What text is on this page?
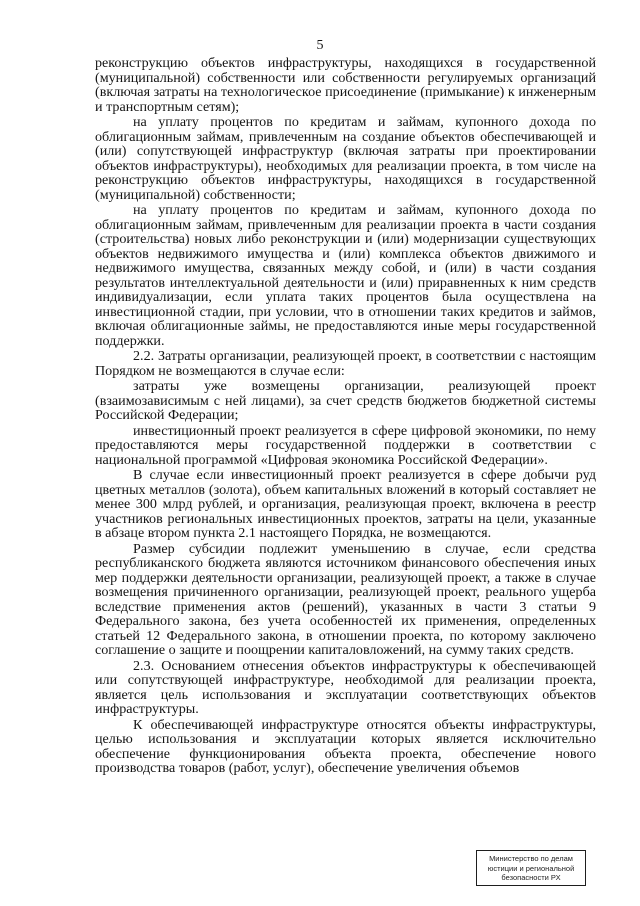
5

реконструкцию объектов инфраструктуры, находящихся в государственной (муниципальной) собственности или собственности регулируемых организаций (включая затраты на технологическое присоединение (примыкание) к инженерным и транспортным сетям);

на уплату процентов по кредитам и займам, купонного дохода по облигационным займам, привлеченным на создание объектов обеспечивающей и (или) сопутствующей инфраструктур (включая затраты при проектировании объектов инфраструктуры), необходимых для реализации проекта, в том числе на реконструкцию объектов инфраструктуры, находящихся в государственной (муниципальной) собственности;

на уплату процентов по кредитам и займам, купонного дохода по облигационным займам, привлеченным для реализации проекта в части создания (строительства) новых либо реконструкции и (или) модернизации существующих объектов недвижимого имущества и (или) комплекса объектов движимого и недвижимого имущества, связанных между собой, и (или) в части создания результатов интеллектуальной деятельности и (или) приравненных к ним средств индивидуализации, если уплата таких процентов была осуществлена на инвестиционной стадии, при условии, что в отношении таких кредитов и займов, включая облигационные займы, не предоставляются иные меры государственной поддержки.

2.2. Затраты организации, реализующей проект, в соответствии с настоящим Порядком не возмещаются в случае если:

затраты уже возмещены организации, реализующей проект (взаимозависимым с ней лицами), за счет средств бюджетов бюджетной системы Российской Федерации;

инвестиционный проект реализуется в сфере цифровой экономики, по нему предоставляются меры государственной поддержки в соответствии с национальной программой «Цифровая экономика Российской Федерации».

В случае если инвестиционный проект реализуется в сфере добычи руд цветных металлов (золота), объем капитальных вложений в который составляет не менее 300 млрд рублей, и организация, реализующая проект, включена в реестр участников региональных инвестиционных проектов, затраты на цели, указанные в абзаце втором пункта 2.1 настоящего Порядка, не возмещаются.

Размер субсидии подлежит уменьшению в случае, если средства республиканского бюджета являются источником финансового обеспечения иных мер поддержки деятельности организации, реализующей проект, а также в случае возмещения причиненного организации, реализующей проект, реального ущерба вследствие применения актов (решений), указанных в части 3 статьи 9 Федерального закона, без учета особенностей их применения, определенных статьей 12 Федерального закона, в отношении проекта, по которому заключено соглашение о защите и поощрении капиталовложений, на сумму таких средств.

2.3. Основанием отнесения объектов инфраструктуры к обеспечивающей или сопутствующей инфраструктуре, необходимой для реализации проекта, является цель использования и эксплуатации соответствующих объектов инфраструктуры.

К обеспечивающей инфраструктуре относятся объекты инфраструктуры, целью использования и эксплуатации которых является исключительно обеспечение функционирования объекта проекта, обеспечение нового производства товаров (работ, услуг), обеспечение увеличения объемов

Министерство по делам
юстиции и региональной
безопасности РХ
